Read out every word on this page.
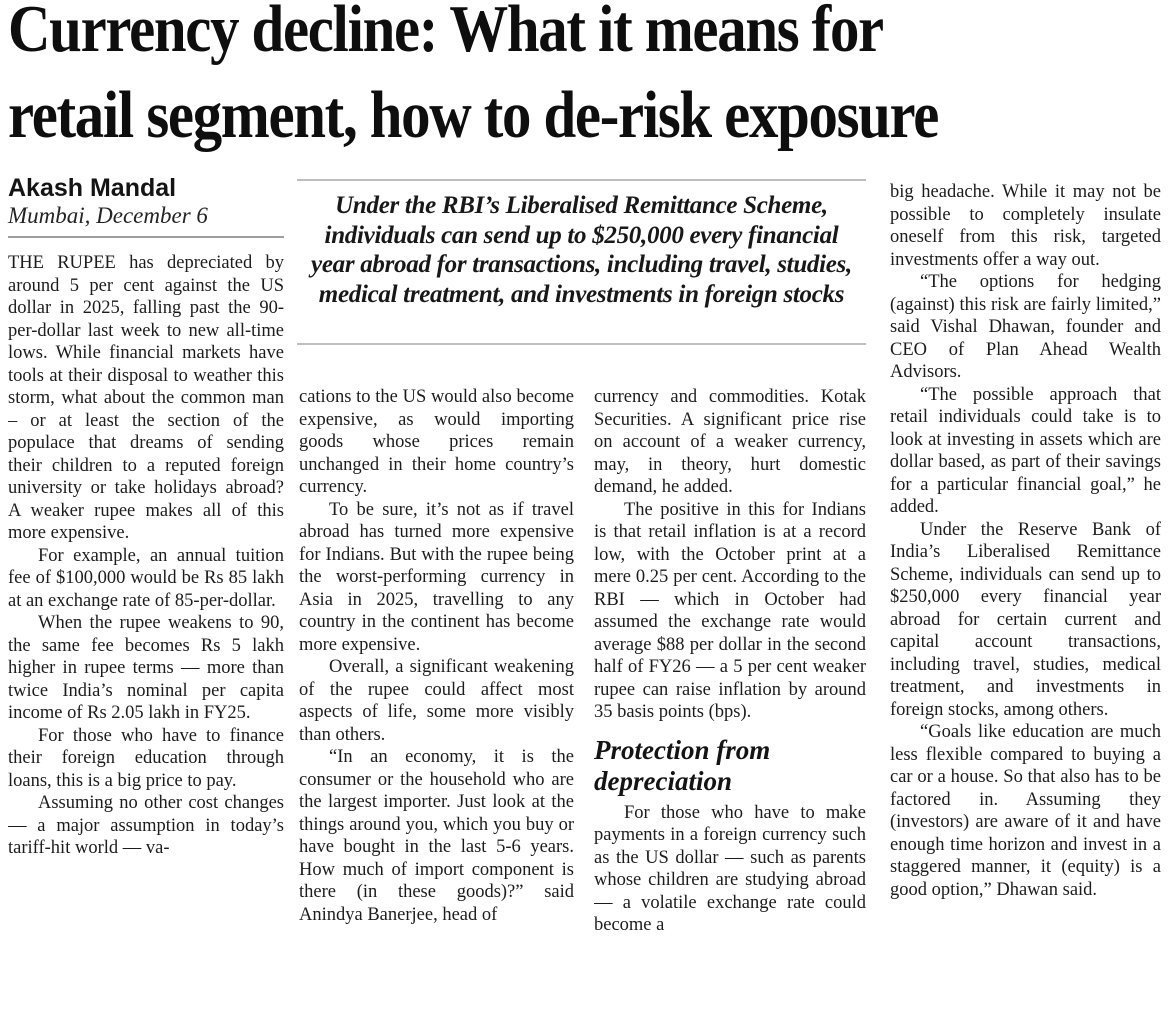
Currency decline: What it means for
retail segment, how to de-risk exposure
Akash Mandal
Mumbai, December 6	Under the RBI’s Liberalised Remittance Scheme, individuals can send up to $250,000 every financial year abroad for transactions, including travel, studies, medical treatment, and investments in foreign stocks

THE RUPEE has depreciated by around 5 per cent against the US dollar in 2025, falling past the 90-per-dollar last week to new all-time lows. While financial markets have tools at their disposal to weather this storm, what about the common man – or at least the section of the populace that dreams of sending their children to a reputed foreign university or take holidays abroad? A weaker rupee makes all of this more expensive.

For example, an annual tuition fee of $100,000 would be Rs 85 lakh at an exchange rate of 85-per-dollar.

When the rupee weakens to 90, the same fee becomes Rs 5 lakh higher in rupee terms — more than twice India’s nominal per capita income of Rs 2.05 lakh in FY25.

For those who have to finance their foreign education through loans, this is a big price to pay.

Assuming no other cost changes — a major assumption in today’s tariff-hit world — va-

cations to the US would also become expensive, as would importing goods whose prices remain unchanged in their home country’s currency.

To be sure, it’s not as if travel abroad has turned more expensive for Indians. But with the rupee being the worst-performing currency in Asia in 2025, travelling to any country in the continent has become more expensive.

Overall, a significant weakening of the rupee could affect most aspects of life, some more visibly than others.

“In an economy, it is the consumer or the household who are the largest importer. Just look at the things around you, which you buy or have bought in the last 5-6 years. How much of import component is there (in these goods)?” said Anindya Banerjee, head of

currency and commodities. Kotak Securities. A significant price rise on account of a weaker currency, may, in theory, hurt domestic demand, he added.

The positive in this for Indians is that retail inflation is at a record low, with the October print at a mere 0.25 per cent. According to the RBI — which in October had assumed the exchange rate would average $88 per dollar in the second half of FY26 — a 5 per cent weaker rupee can raise inflation by around 35 basis points (bps).

Protection from depreciation

For those who have to make payments in a foreign currency such as the US dollar — such as parents whose children are studying abroad — a volatile exchange rate could become a

big headache. While it may not be possible to completely insulate oneself from this risk, targeted investments offer a way out.

“The options for hedging (against) this risk are fairly limited,” said Vishal Dhawan, founder and CEO of Plan Ahead Wealth Advisors.

“The possible approach that retail individuals could take is to look at investing in assets which are dollar based, as part of their savings for a particular financial goal,” he added.

Under the Reserve Bank of India’s Liberalised Remittance Scheme, individuals can send up to $250,000 every financial year abroad for certain current and capital account transactions, including travel, studies, medical treatment, and investments in foreign stocks, among others.

“Goals like education are much less flexible compared to buying a car or a house. So that also has to be factored in. Assuming they (investors) are aware of it and have enough time horizon and invest in a staggered manner, it (equity) is a good option,” Dhawan said.
